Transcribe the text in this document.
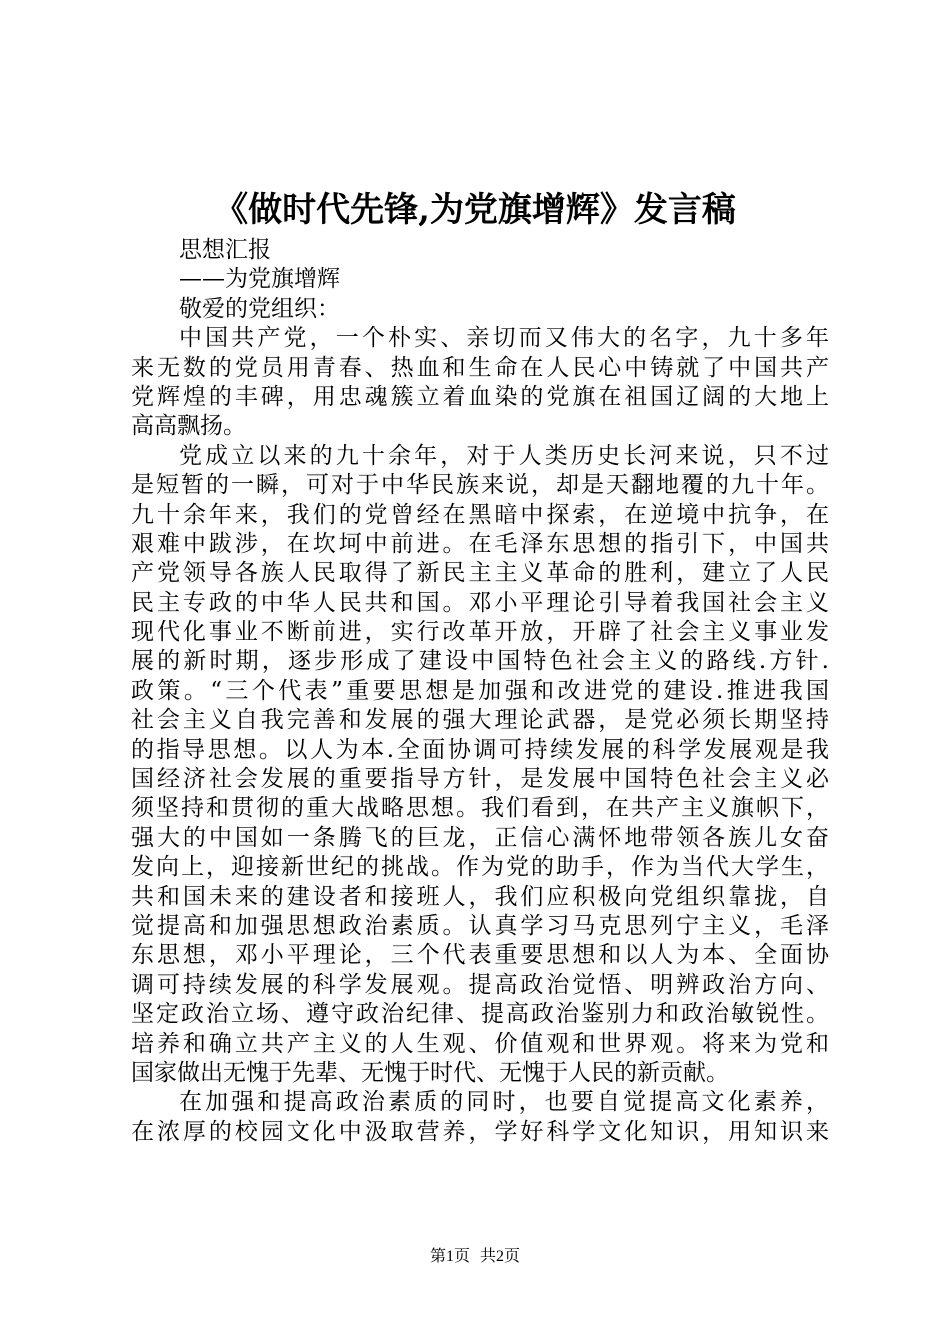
《做时代先锋,为党旗增辉》发言稿
思想汇报
——为党旗增辉
敬爱的党组织：
中国共产党，一个朴实、亲切而又伟大的名字，九十多年
来无数的党员用青春、热血和生命在人民心中铸就了中国共产
党辉煌的丰碑，用忠魂簇立着血染的党旗在祖国辽阔的大地上
高高飘扬。
党成立以来的九十余年，对于人类历史长河来说，只不过
是短暂的一瞬，可对于中华民族来说，却是天翻地覆的九十年。
九十余年来，我们的党曾经在黑暗中探索，在逆境中抗争，在
艰难中跋涉，在坎坷中前进。在毛泽东思想的指引下，中国共
产党领导各族人民取得了新民主主义革命的胜利，建立了人民
民主专政的中华人民共和国。邓小平理论引导着我国社会主义
现代化事业不断前进，实行改革开放，开辟了社会主义事业发
展的新时期，逐步形成了建设中国特色社会主义的路线.方针.
政策。“三个代表”重要思想是加强和改进党的建设.推进我国
社会主义自我完善和发展的强大理论武器，是党必须长期坚持
的指导思想。以人为本.全面协调可持续发展的科学发展观是我
国经济社会发展的重要指导方针，是发展中国特色社会主义必
须坚持和贯彻的重大战略思想。我们看到，在共产主义旗帜下，
强大的中国如一条腾飞的巨龙，正信心满怀地带领各族儿女奋
发向上，迎接新世纪的挑战。作为党的助手，作为当代大学生，
共和国未来的建设者和接班人，我们应积极向党组织靠拢，自
觉提高和加强思想政治素质。认真学习马克思列宁主义，毛泽
东思想，邓小平理论，三个代表重要思想和以人为本、全面协
调可持续发展的科学发展观。提高政治觉悟、明辨政治方向、
坚定政治立场、遵守政治纪律、提高政治鉴别力和政治敏锐性。
培养和确立共产主义的人生观、价值观和世界观。将来为党和
国家做出无愧于先辈、无愧于时代、无愧于人民的新贡献。
在加强和提高政治素质的同时，也要自觉提高文化素养，
在浓厚的校园文化中汲取营养，学好科学文化知识，用知识来
第1页 共2页
